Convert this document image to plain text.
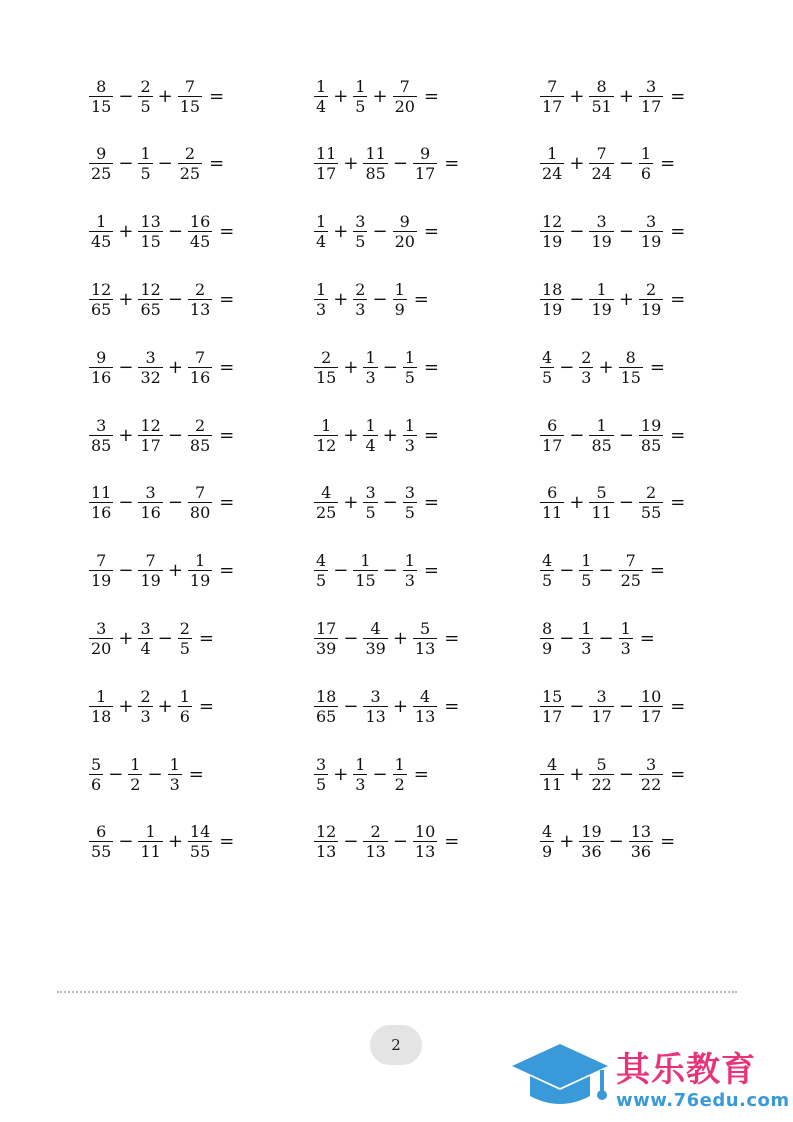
$\frac{8}{15} - \frac{2}{5} + \frac{7}{15}$ =	$\frac{1}{4} + \frac{1}{5} + \frac{7}{20}$ =	$\frac{7}{17} + \frac{8}{51} + \frac{3}{17}$ =
$\frac{9}{25} - \frac{1}{5} - \frac{2}{25}$ =	$\frac{11}{17} + \frac{11}{85} - \frac{9}{17}$ =	$\frac{1}{24} + \frac{7}{24} - \frac{1}{6}$ =
$\frac{1}{45} + \frac{13}{15} - \frac{16}{45}$ =	$\frac{1}{4} + \frac{3}{5} - \frac{9}{20}$ =	$\frac{12}{19} - \frac{3}{19} - \frac{3}{19}$ =
$\frac{12}{65} + \frac{12}{65} - \frac{2}{13}$ =	$\frac{1}{3} + \frac{2}{3} - \frac{1}{9}$ =	$\frac{18}{19} - \frac{1}{19} + \frac{2}{19}$ =
$\frac{9}{16} - \frac{3}{32} + \frac{7}{16}$ =	$\frac{2}{15} + \frac{1}{3} - \frac{1}{5}$ =	$\frac{4}{5} - \frac{2}{3} + \frac{8}{15}$ =
$\frac{3}{85} + \frac{12}{17} - \frac{2}{85}$ =	$\frac{1}{12} + \frac{1}{4} + \frac{1}{3}$ =	$\frac{6}{17} - \frac{1}{85} - \frac{19}{85}$ =
$\frac{11}{16} - \frac{3}{16} - \frac{7}{80}$ =	$\frac{4}{25} + \frac{3}{5} - \frac{3}{5}$ =	$\frac{6}{11} + \frac{5}{11} - \frac{2}{55}$ =
$\frac{7}{19} - \frac{7}{19} + \frac{1}{19}$ =	$\frac{4}{5} - \frac{1}{15} - \frac{1}{3}$ =	$\frac{4}{5} - \frac{1}{5} - \frac{7}{25}$ =
$\frac{3}{20} + \frac{3}{4} - \frac{2}{5}$ =	$\frac{17}{39} - \frac{4}{39} + \frac{5}{13}$ =	$\frac{8}{9} - \frac{1}{3} - \frac{1}{3}$ =
$\frac{1}{18} + \frac{2}{3} + \frac{1}{6}$ =	$\frac{18}{65} - \frac{3}{13} + \frac{4}{13}$ =	$\frac{15}{17} - \frac{3}{17} - \frac{10}{17}$ =
$\frac{5}{6} - \frac{1}{2} - \frac{1}{3}$ =	$\frac{3}{5} + \frac{1}{3} - \frac{1}{2}$ =	$\frac{4}{11} + \frac{5}{22} - \frac{3}{22}$ =
$\frac{6}{55} - \frac{1}{11} + \frac{14}{55}$ =	$\frac{12}{13} - \frac{2}{13} - \frac{10}{13}$ =	$\frac{4}{9} + \frac{19}{36} - \frac{13}{36}$ =
2
其乐教育
www.76edu.com
